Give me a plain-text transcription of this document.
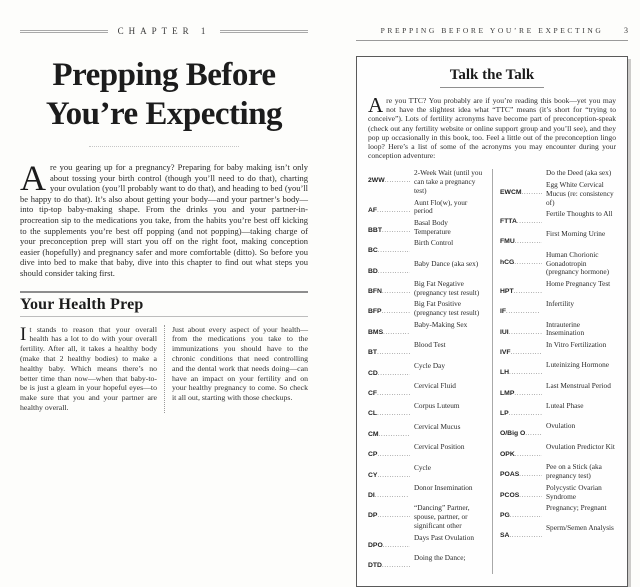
CHAPTER 1
Prepping Before
You’re Expecting

Are you gearing up for a pregnancy? Preparing for baby making isn’t only about tossing your birth control (though you’ll need to do that), charting your ovulation (you’ll probably want to do that), and heading to bed (you’ll be happy to do that). It’s also about getting your body—and your partner’s body—into tip-top baby-making shape. From the drinks you and your partner-in-procreation sip to the medications you take, from the habits you’re best off kicking to the supplements you’re best off popping (and not popping)—taking charge of your preconception prep will start you off on the right foot, making conception easier (hopefully) and pregnancy safer and more comfortable (ditto). So before you dive into bed to make that baby, dive into this chapter to find out what steps you should consider taking first.

Your Health Prep

It stands to reason that your overall health has a lot to do with your overall fertility. After all, it takes a healthy body (make that 2 healthy bodies) to make a healthy baby. Which means there’s no better time than now—when that baby-to-be is just a gleam in your hopeful eyes—to make sure that you and your partner are healthy overall.

Just about every aspect of your health—from the medications you take to the immunizations you should have to the chronic conditions that need controlling and the dental work that needs doing—can have an impact on your fertility and on your healthy pregnancy to come. So check it all out, starting with those checkups.

PREPPING BEFORE YOU’RE EXPECTING	3
Talk the Talk

Are you TTC? You probably are if you’re reading this book—yet you may not have the slightest idea what “TTC” means (it’s short for “trying to conceive”). Lots of fertility acronyms have become part of preconception-speak (check out any fertility website or online support group and you’ll see), and they pop up occasionally in this book, too. Feel a little out of the preconception lingo loop? Here’s a list of some of the acronyms you may encounter during your conception adventure:

2WW
.....
2-Week Wait (until you can take a pregnancy test)
AF
.....
Aunt Flo(w), your period
BBT
.....
Basal Body Temperature
BC
.....
Birth Control
BD
.....
Baby Dance (aka sex)
BFN
.....
Big Fat Negative (pregnancy test result)
BFP
.....
Big Fat Positive (pregnancy test result)
BMS
.....
Baby-Making Sex
BT
.....
Blood Test
CD
.....
Cycle Day
CF
.....
Cervical Fluid
CL
.....
Corpus Luteum
CM
.....
Cervical Mucus
CP
.....
Cervical Position
CY
.....
Cycle
DI
.....
Donor Insemination
DP
.....
“Dancing” Partner, spouse, partner, or significant other
DPO
.....
Days Past Ovulation
DTD
.....
Doing the Dance;
Do the Deed (aka sex)
EWCM
.....
Egg White Cervical Mucus (re: consistency of)
FTTA
.....
Fertile Thoughts to All
FMU
.....
First Morning Urine
hCG
.....
Human Chorionic Gonadotropin (pregnancy hormone)
HPT
.....
Home Pregnancy Test
IF
.....
Infertility
IUI
.....
Intrauterine Insemination
IVF
.....
In Vitro Fertilization
LH
.....
Luteinizing Hormone
LMP
.....
Last Menstrual Period
LP
.....
Luteal Phase
O/Big O
.....
Ovulation
OPK
.....
Ovulation Predictor Kit
POAS
.....
Pee on a Stick (aka pregnancy test)
PCOS
.....
Polycystic Ovarian Syndrome
PG
.....
Pregnancy; Pregnant
SA
.....
Sperm/Semen Analysis
